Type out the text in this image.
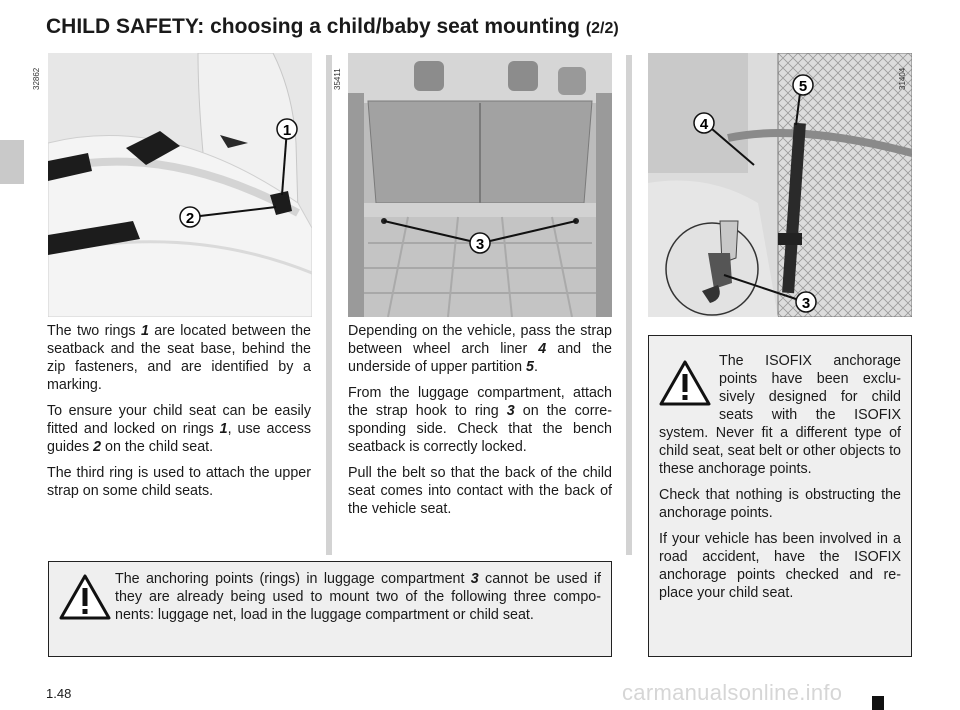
CHILD SAFETY: choosing a child/baby seat mounting (2/2)
1
2
32862
3
35411	5
4
3
31404

The two rings 1 are located between the seatback and the seat base, behind the zip fasteners, and are identified by a marking.

To ensure your child seat can be easily fitted and locked on rings 1, use access guides 2 on the child seat.

The third ring is used to attach the upper strap on some child seats.

Depending on the vehicle, pass the strap between wheel arch liner 4 and the underside of upper partition 5.

From the luggage compartment, attach the strap hook to ring 3 on the corre-sponding side. Check that the bench seatback is correctly locked.

Pull the belt so that the back of the child seat comes into contact with the back of the vehicle seat.

The ISOFIX anchorage points have been exclu-sively designed for child seats with the ISOFIX system. Never fit a different type of child seat, seat belt or other objects to these anchorage points.

Check that nothing is obstructing the anchorage points.

If your vehicle has been involved in a road accident, have the ISOFIX anchorage points checked and re-place your child seat.

The anchoring points (rings) in luggage compartment 3 cannot be used if they are already being used to mount two of the following three compo-nents: luggage net, load in the luggage compartment or child seat.
1.48	carmanualsonline.info
